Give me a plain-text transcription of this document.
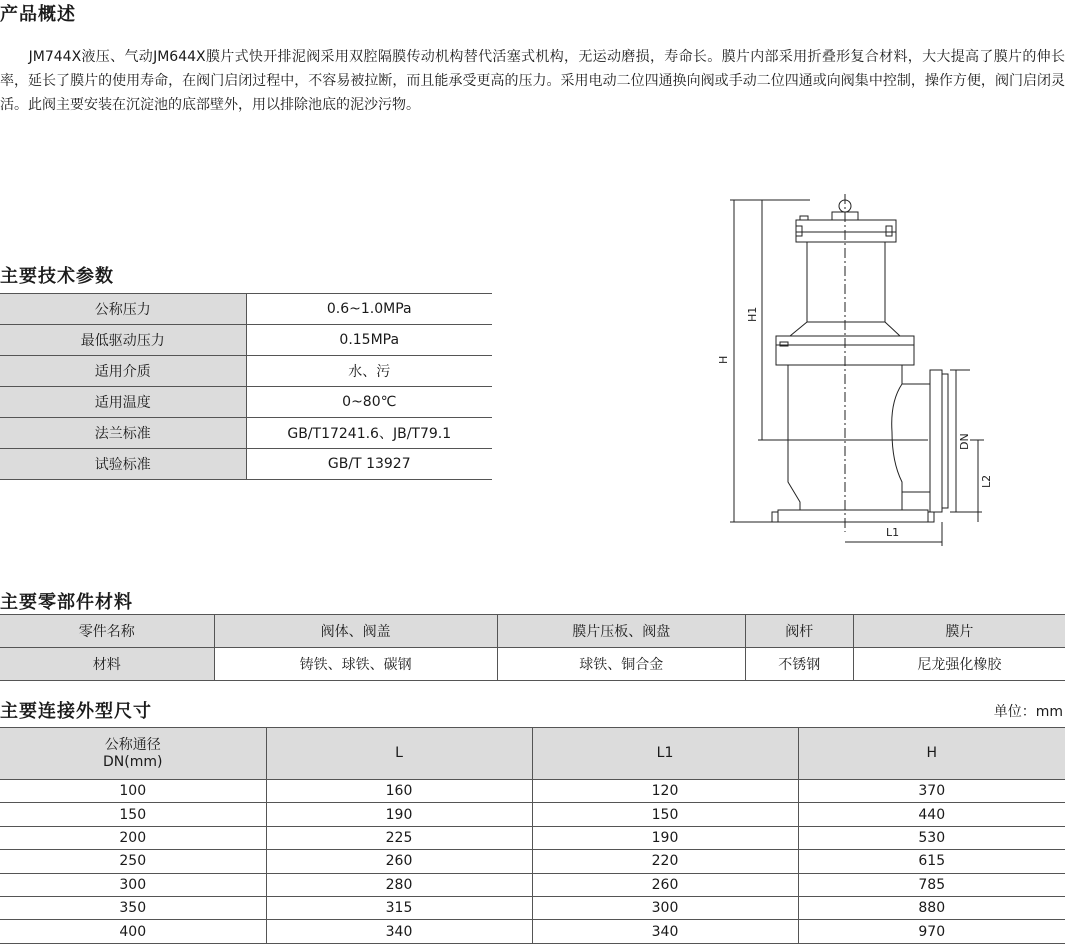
产品概述

　　JM744X液压、气动JM644X膜片式快开排泥阀采用双腔隔膜传动机构替代活塞式机构，无运动磨损，寿命长。膜片内部采用折叠形复合材料，大大提高了膜片的伸长率，延长了膜片的使用寿命，在阀门启闭过程中，不容易被拉断，而且能承受更高的压力。采用电动二位四通换向阀或手动二位四通或向阀集中控制，操作方便，阀门启闭灵活。此阀主要安装在沉淀池的底部壁外，用以排除池底的泥沙污物。

主要技术参数
公称压力	0.6~1.0MPa
最低驱动压力	0.15MPa
适用介质	水、污
适用温度	0~80℃
法兰标准	GB/T17241.6、JB/T79.1
试验标准	GB/T 13927
H
H1
DN
L2
L1
主要零部件材料
零件名称	阀体、阀盖	膜片压板、阀盘	阀杆	膜片
材料	铸铁、球铁、碳钢	球铁、铜合金	不锈钢	尼龙强化橡胶
主要连接外型尺寸	单位：mm
公称通径
DN(mm)	L	L1	H
100	160	120	370
150	190	150	440
200	225	190	530
250	260	220	615
300	280	260	785
350	315	300	880
400	340	340	970
